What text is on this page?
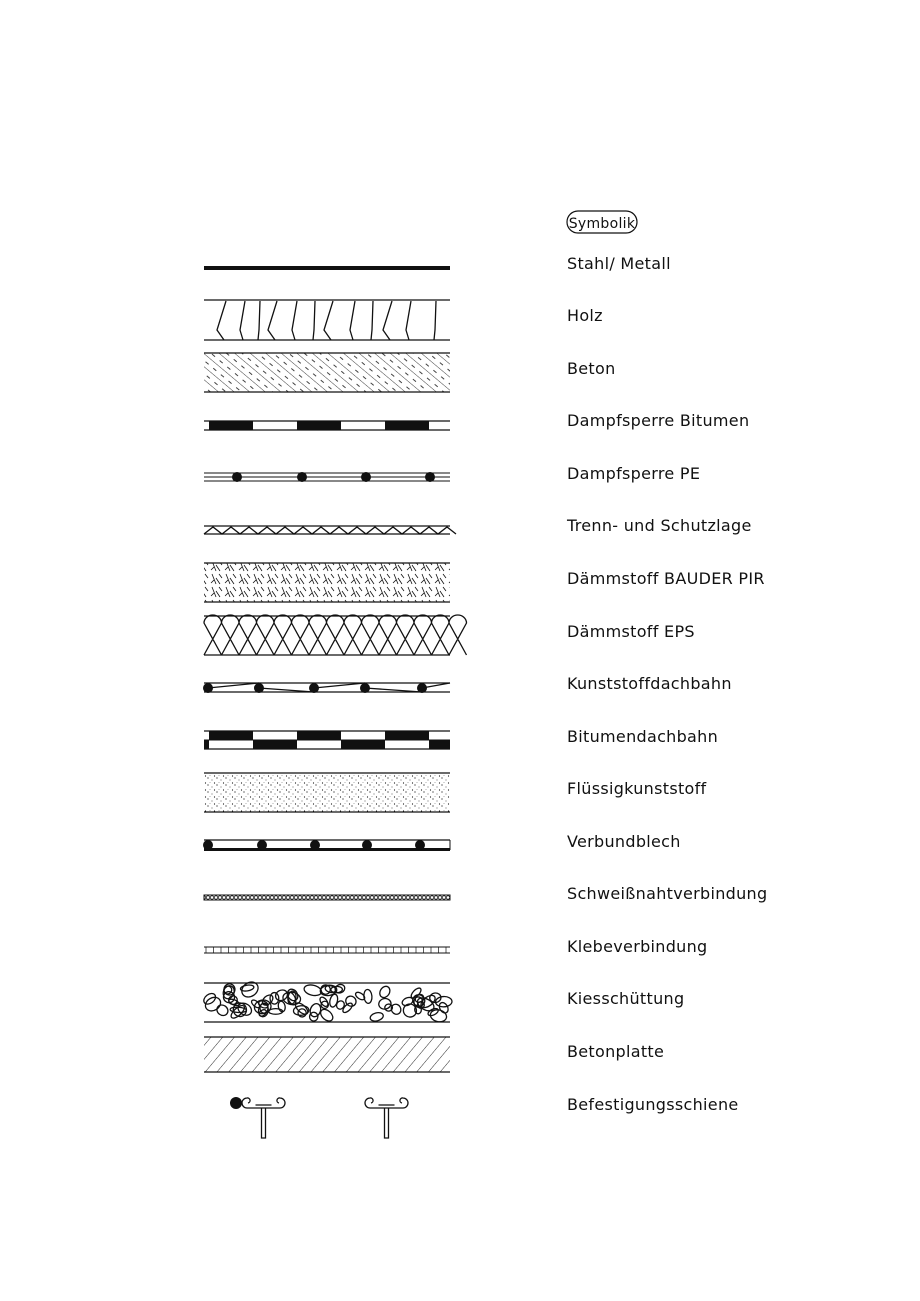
Symbolik
Stahl/ Metall
Holz
Beton
Dampfsperre Bitumen
Dampfsperre PE
Trenn- und Schutzlage
Dämmstoff BAUDER PIR
Dämmstoff EPS
Kunststoffdachbahn
Bitumendachbahn
Flüssigkunststoff
Verbundblech
Schweißnahtverbindung
Klebeverbindung
Kiesschüttung
Betonplatte
Befestigungsschiene
